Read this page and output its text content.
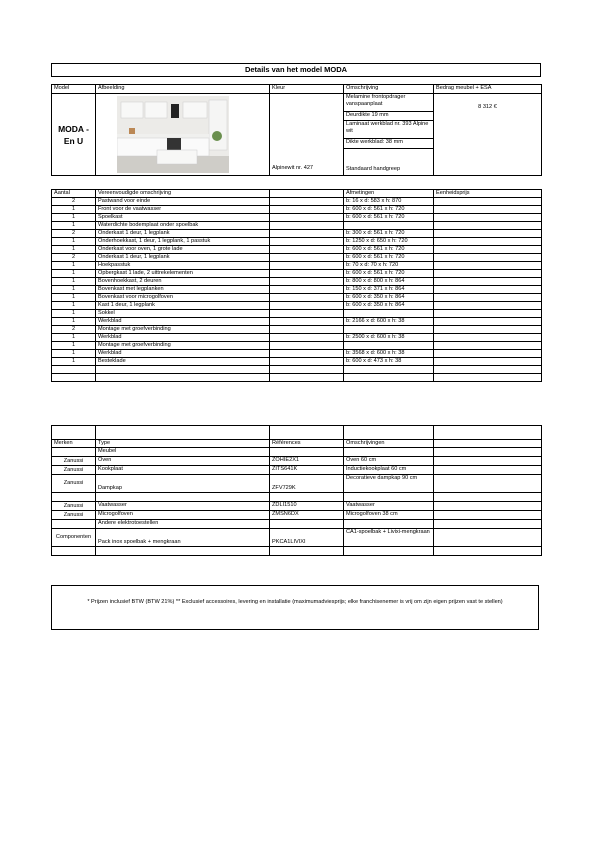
Details van het model MODA
Model	Afbeelding	Kleur	Omschrijving	Bedrag meubel + ESA
MODA - En U		Alpinewit nr. 427	Melamine frontopdrager vanspaanplaat	8 312 €
			Deurdikte 19 mm	
			Laminaat werkblad nr. 393 Alpine wit	
			Dikte werkblad: 38 mm	
			Standaard handgreep	
Aantal	Vereenvoudigde omschrijving		Afmetingen	Eenheidsprijs
2	Pastwand voor einde		b: 16 x d: 583 x h: 870	
1	Front voor de vaatwasser		b: 600 x d: 561 x h: 720	
1	Spoelkast		b: 600 x d: 561 x h: 720	
1	Waterdichte bodemplaat onder spoelbak			
2	Onderkast 1 deur, 1 legplank		b: 300 x d: 561 x h: 720	
1	Onderhoekkast, 1 deur, 1 legplank, 1 passtuk		b: 1250 x d: 650 x h: 720	
1	Onderkast voor oven, 1 grote lade		b: 600 x d: 561 x h: 720	
2	Onderkast 1 deur, 1 legplank		b: 600 x d: 561 x h: 720	
1	Hoekpasstuk		b: 70 x d: 70 x h: 720	
1	Opbergkast 1 lade, 2 uittrekelementen		b: 600 x d: 561 x h: 720	
1	Bovenhoekkast, 2 deuren		b: 800 x d: 800 x h: 864	
1	Bovenkast met legplanken		b: 150 x d: 371 x h: 864	
1	Bovenkast voor microgolfoven		b: 600 x d: 350 x h: 864	
1	Kast 1 deur, 1 legplank		b: 600 x d: 350 x h: 864	
1	Sokkel			
1	Werkblad		b: 2166 x d: 600 x h: 38	
2	Montage met groefverbinding			
1	Werkblad		b: 2500 x d: 600 x h: 38	
1	Montage met groefverbinding			
1	Werkblad		b: 3568 x d: 600 x h: 38	
1	Besteklade		b: 600 x d: 473 x h: 38	

Merken	Type	Références	Omschrijvingen	
	Meubel			
Zanussi	Oven	ZOHIE2X1	Oven 60 cm	
Zanussi	Kookplaat	ZITS641K	Inductiekookplaat 60 cm	
Zanussi	Dampkap	ZFV729K	Decoratieve dampkap 90 cm	

Zanussi	Vaatwasser	ZDLI1510	Vaatwasser	
Zanussi	Microgolfoven	ZMSN6DX	Microgolfoven 38 cm	
	Andere elektrotoestellen			
Componenten	Pack inox spoelbak + mengkraan	PKCA1LIVIXI	CA1-spoelbak + Livixi-mengkraan	

* Prijzen inclusief BTW (BTW 21%) ** Exclusief accessoires, levering en installatie (maximumadviesprijs; elke franchisenemer is vrij om zijn eigen prijzen vast te stellen)
